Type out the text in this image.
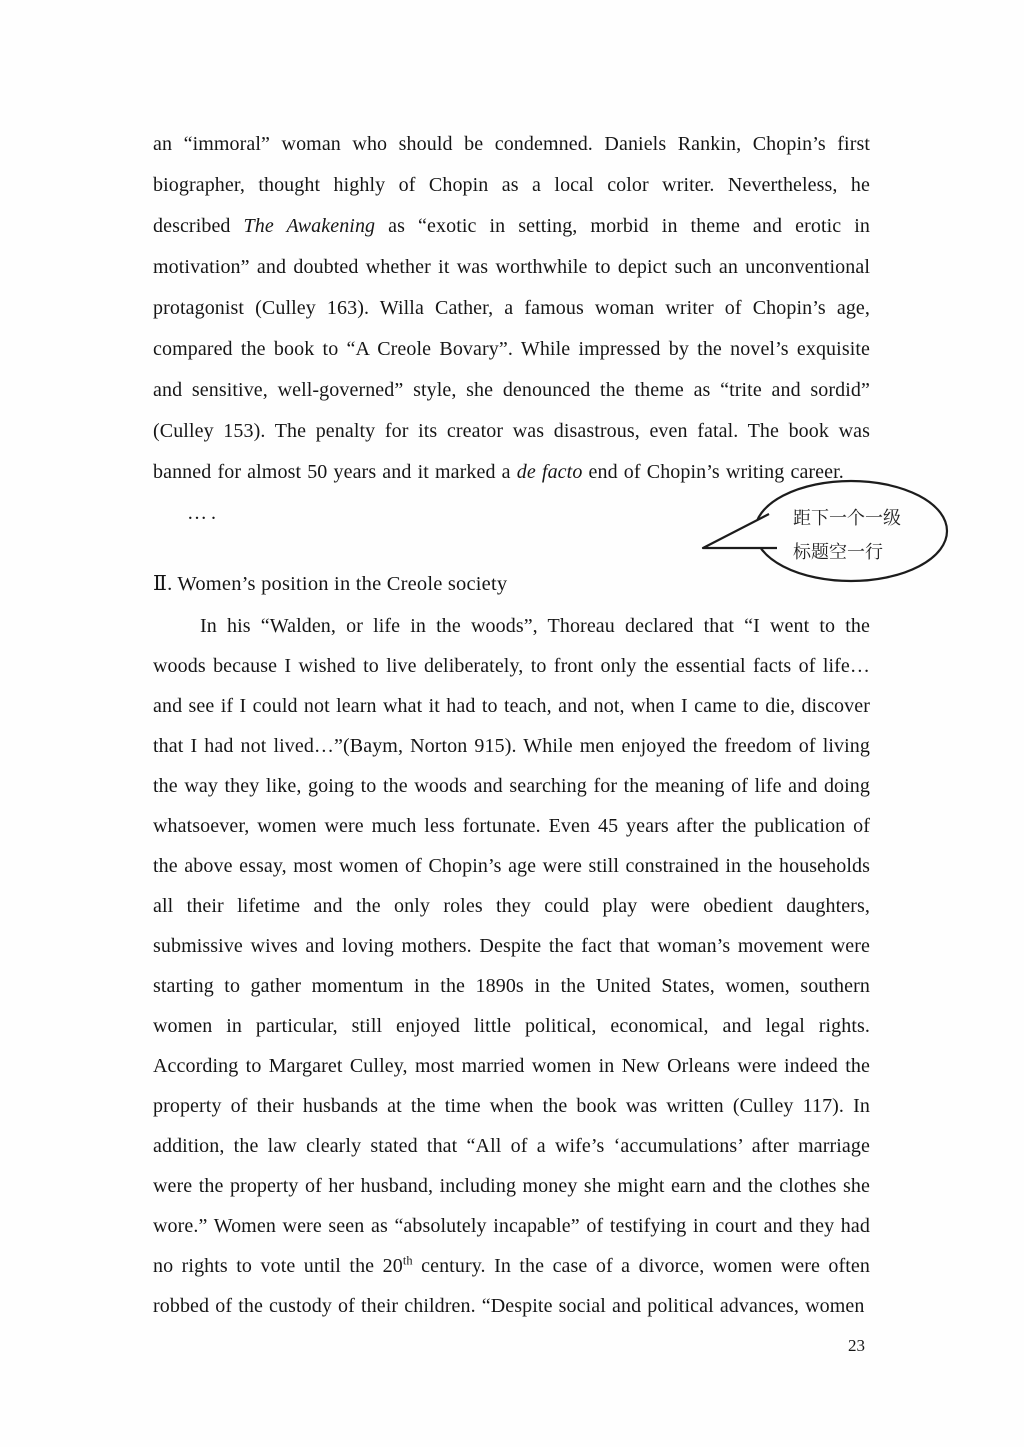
an “immoral” woman who should be condemned. Daniels Rankin, Chopin’s first biographer, thought highly of Chopin as a local color writer. Nevertheless, he described The Awakening as “exotic in setting, morbid in theme and erotic in motivation” and doubted whether it was worthwhile to depict such an unconventional protagonist (Culley 163). Willa Cather, a famous woman writer of Chopin’s age, compared the book to “A Creole Bovary”. While impressed by the novel’s exquisite and sensitive, well-governed” style, she denounced the theme as “trite and sordid” (Culley 153). The penalty for its creator was disastrous, even fatal. The book was banned for almost 50 years and it marked a de facto end of Chopin’s writing career.

….
Ⅱ. Women’s position in the Creole society

In his “Walden, or life in the woods”, Thoreau declared that “I went to the woods because I wished to live deliberately, to front only the essential facts of life…and see if I could not learn what it had to teach, and not, when I came to die, discover that I had not lived…”(Baym, Norton 915). While men enjoyed the freedom of living the way they like, going to the woods and searching for the meaning of life and doing whatsoever, women were much less fortunate. Even 45 years after the publication of the above essay, most women of Chopin’s age were still constrained in the households all their lifetime and the only roles they could play were obedient daughters, submissive wives and loving mothers. Despite the fact that woman’s movement were starting to gather momentum in the 1890s in the United States, women, southern women in particular, still enjoyed little political, economical, and legal rights. According to Margaret Culley, most married women in New Orleans were indeed the property of their husbands at the time when the book was written (Culley 117). In addition, the law clearly stated that “All of a wife’s ‘accumulations’ after marriage were the property of her husband, including money she might earn and the clothes she wore.” Women were seen as “absolutely incapable” of testifying in court and they had no rights to vote until the 20th century. In the case of a divorce, women were often robbed of the custody of their children. “Despite social and political advances, women

距下一个一级
标题空一行
23
